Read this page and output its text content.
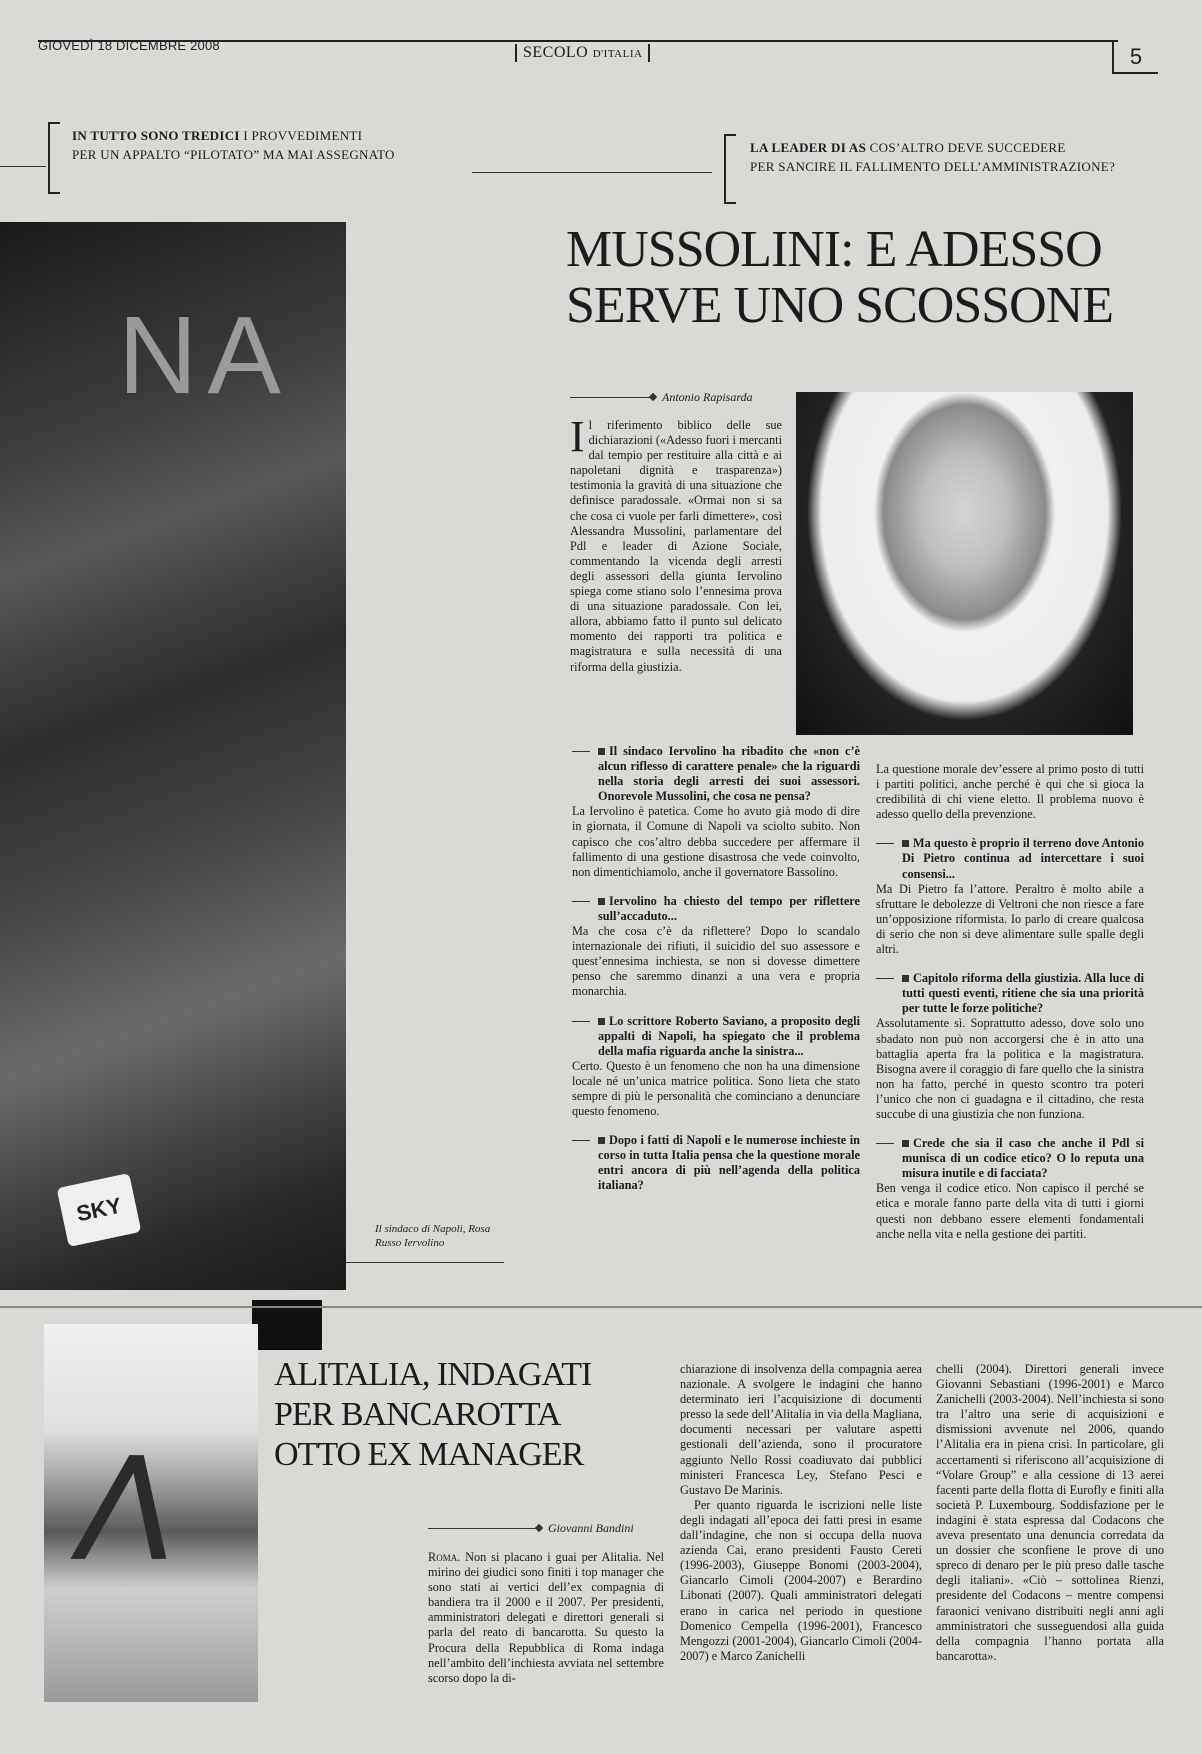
GIOVEDÌ 18 DICEMBRE 2008	SECOLO D'ITALIA	5
IN TUTTO SONO TREDICI I PROVVEDIMENTI
PER UN APPALTO “PILOTATO” MA MAI ASSEGNATO	LA LEADER DI AS COS’ALTRO DEVE SUCCEDERE
PER SANCIRE IL FALLIMENTO DELL’AMMINISTRAZIONE?
NA
SKY
Il sindaco di Napoli, Rosa Russo Iervolino
MUSSOLINI: E ADESSO
SERVE UNO SCOSSONE
Antonio Rapisarda

Il riferimento biblico delle sue dichiarazioni («Adesso fuori i mercanti dal tempio per restituire alla città e ai napoletani dignità e trasparenza») testimonia la gravità di una situazione che definisce paradossale. «Ormai non si sa che cosa ci vuole per farli dimettere», così Alessandra Mussolini, parlamentare del Pdl e leader di Azione Sociale, commentando la vicenda degli arresti degli assessori della giunta Iervolino spiega come stiano solo l’ennesima prova di una situazione paradossale. Con lei, allora, abbiamo fatto il punto sul delicato momento dei rapporti tra politica e magistratura e sulla necessità di una riforma della giustizia.

Il sindaco Iervolino ha ribadito che «non c’è alcun riflesso di carattere penale» che la riguardi nella storia degli arresti dei suoi assessori. Onorevole Mussolini, che cosa ne pensa?

La Iervolino è patetica. Come ho avuto già modo di dire in giornata, il Comune di Napoli va sciolto subito. Non capisco che cos’altro debba succedere per affermare il fallimento di una gestione disastrosa che vede coinvolto, non dimentichiamolo, anche il governatore Bassolino.

Iervolino ha chiesto del tempo per riflettere sull’accaduto...

Ma che cosa c’è da riflettere? Dopo lo scandalo internazionale dei rifiuti, il suicidio del suo assessore e quest’ennesima inchiesta, se non si dovesse dimettere penso che saremmo dinanzi a una vera e propria monarchia.

Lo scrittore Roberto Saviano, a proposito degli appalti di Napoli, ha spiegato che il problema della mafia riguarda anche la sinistra...

Certo. Questo è un fenomeno che non ha una dimensione locale né un’unica matrice politica. Sono lieta che stato sempre di più le personalità che cominciano a denunciare questo fenomeno.

Dopo i fatti di Napoli e le numerose inchieste in corso in tutta Italia pensa che la questione morale entri ancora di più nell’agenda della politica italiana?

La questione morale dev’essere al primo posto di tutti i partiti politici, anche perché è qui che si gioca la credibilità di chi viene eletto. Il problema nuovo è adesso quello della prevenzione.

Ma questo è proprio il terreno dove Antonio Di Pietro continua ad intercettare i suoi consensi...

Ma Di Pietro fa l’attore. Peraltro è molto abile a sfruttare le debolezze di Veltroni che non riesce a fare un’opposizione riformista. Io parlo di creare qualcosa di serio che non si deve alimentare sulle spalle degli altri.

Capitolo riforma della giustizia. Alla luce di tutti questi eventi, ritiene che sia una priorità per tutte le forze politiche?

Assolutamente sì. Soprattutto adesso, dove solo uno sbadato non può non accorgersi che è in atto una battaglia aperta fra la politica e la magistratura. Bisogna avere il coraggio di fare quello che la sinistra non ha fatto, perché in questo scontro tra poteri l’unico che non ci guadagna e il cittadino, che resta succube di una giustizia che non funziona.

Crede che sia il caso che anche il Pdl si munisca di un codice etico? O lo reputa una misura inutile e di facciata?

Ben venga il codice etico. Non capisco il perché se etica e morale fanno parte della vita di tutti i giorni questi non debbano essere elementi fondamentali anche nella vita e nella gestione dei partiti.

⋀
ALITALIA, INDAGATI
PER BANCAROTTA
OTTO EX MANAGER
Giovanni Bandini

Roma. Non si placano i guai per Alitalia. Nel mirino dei giudici sono finiti i top manager che sono stati ai vertici dell’ex compagnia di bandiera tra il 2000 e il 2007. Per presidenti, amministratori delegati e direttori generali si parla del reato di bancarotta. Su questo la Procura della Repubblica di Roma indaga nell’ambito dell’inchiesta avviata nel settembre scorso dopo la di-

chiarazione di insolvenza della compagnia aerea nazionale. A svolgere le indagini che hanno determinato ieri l’acquisizione di documenti presso la sede dell’Alitalia in via della Magliana, documenti necessari per valutare aspetti gestionali dell’azienda, sono il procuratore aggiunto Nello Rossi coadiuvato dai pubblici ministeri Francesca Ley, Stefano Pesci e Gustavo De Marinis.

Per quanto riguarda le iscrizioni nelle liste degli indagati all’epoca dei fatti presi in esame dall’indagine, che non si occupa della nuova azienda Cai, erano presidenti Fausto Cereti (1996-2003), Giuseppe Bonomi (2003-2004), Giancarlo Cimoli (2004-2007) e Berardino Libonati (2007). Quali amministratori delegati erano in carica nel periodo in questione Domenico Cempella (1996-2001), Francesco Mengozzi (2001-2004), Giancarlo Cimoli (2004-2007) e Marco Zanichelli

chelli (2004). Direttori generali invece Giovanni Sebastiani (1996-2001) e Marco Zanichelli (2003-2004). Nell’inchiesta si sono tra l’altro una serie di acquisizioni e dismissioni avvenute nel 2006, quando l’Alitalia era in piena crisi. In particolare, gli accertamenti si riferiscono all’acquisizione di “Volare Group” e alla cessione di 13 aerei facenti parte della flotta di Eurofly e finiti alla società P. Luxembourg. Soddisfazione per le indagini è stata espressa dal Codacons che aveva presentato una denuncia corredata da un dossier che sconfiene le prove di uno spreco di denaro per le più preso dalle tasche degli italiani». «Ciò – sottolinea Rienzi, presidente del Codacons – mentre compensi faraonici venivano distribuiti negli anni agli amministratori che susseguendosi alla guida della compagnia l’hanno portata alla bancarotta».
